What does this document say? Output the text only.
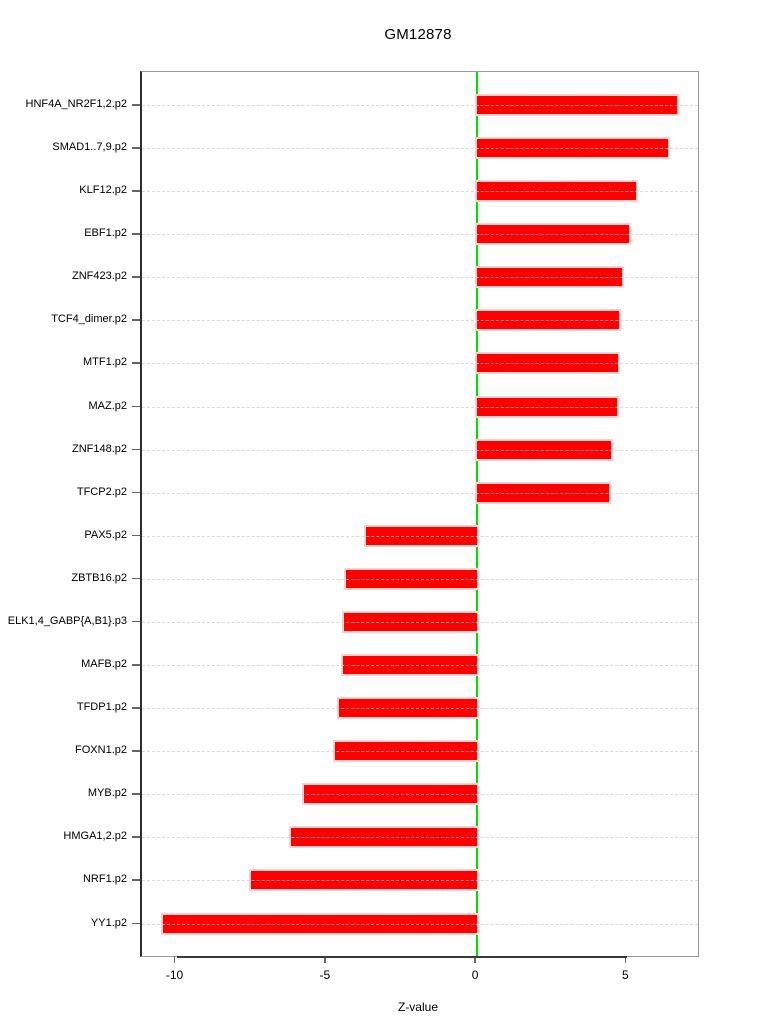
GM12878
HNF4A_NR2F1,2.p2
SMAD1..7,9.p2
KLF12.p2
EBF1.p2
ZNF423.p2
TCF4_dimer.p2
MTF1.p2
MAZ.p2
ZNF148.p2
TFCP2.p2
PAX5.p2
ZBTB16.p2
ELK1,4_GABP{A,B1}.p3
MAFB.p2
TFDP1.p2
FOXN1.p2
MYB.p2
HMGA1,2.p2
NRF1.p2
YY1.p2
-10	-5	0	5
Z-value
